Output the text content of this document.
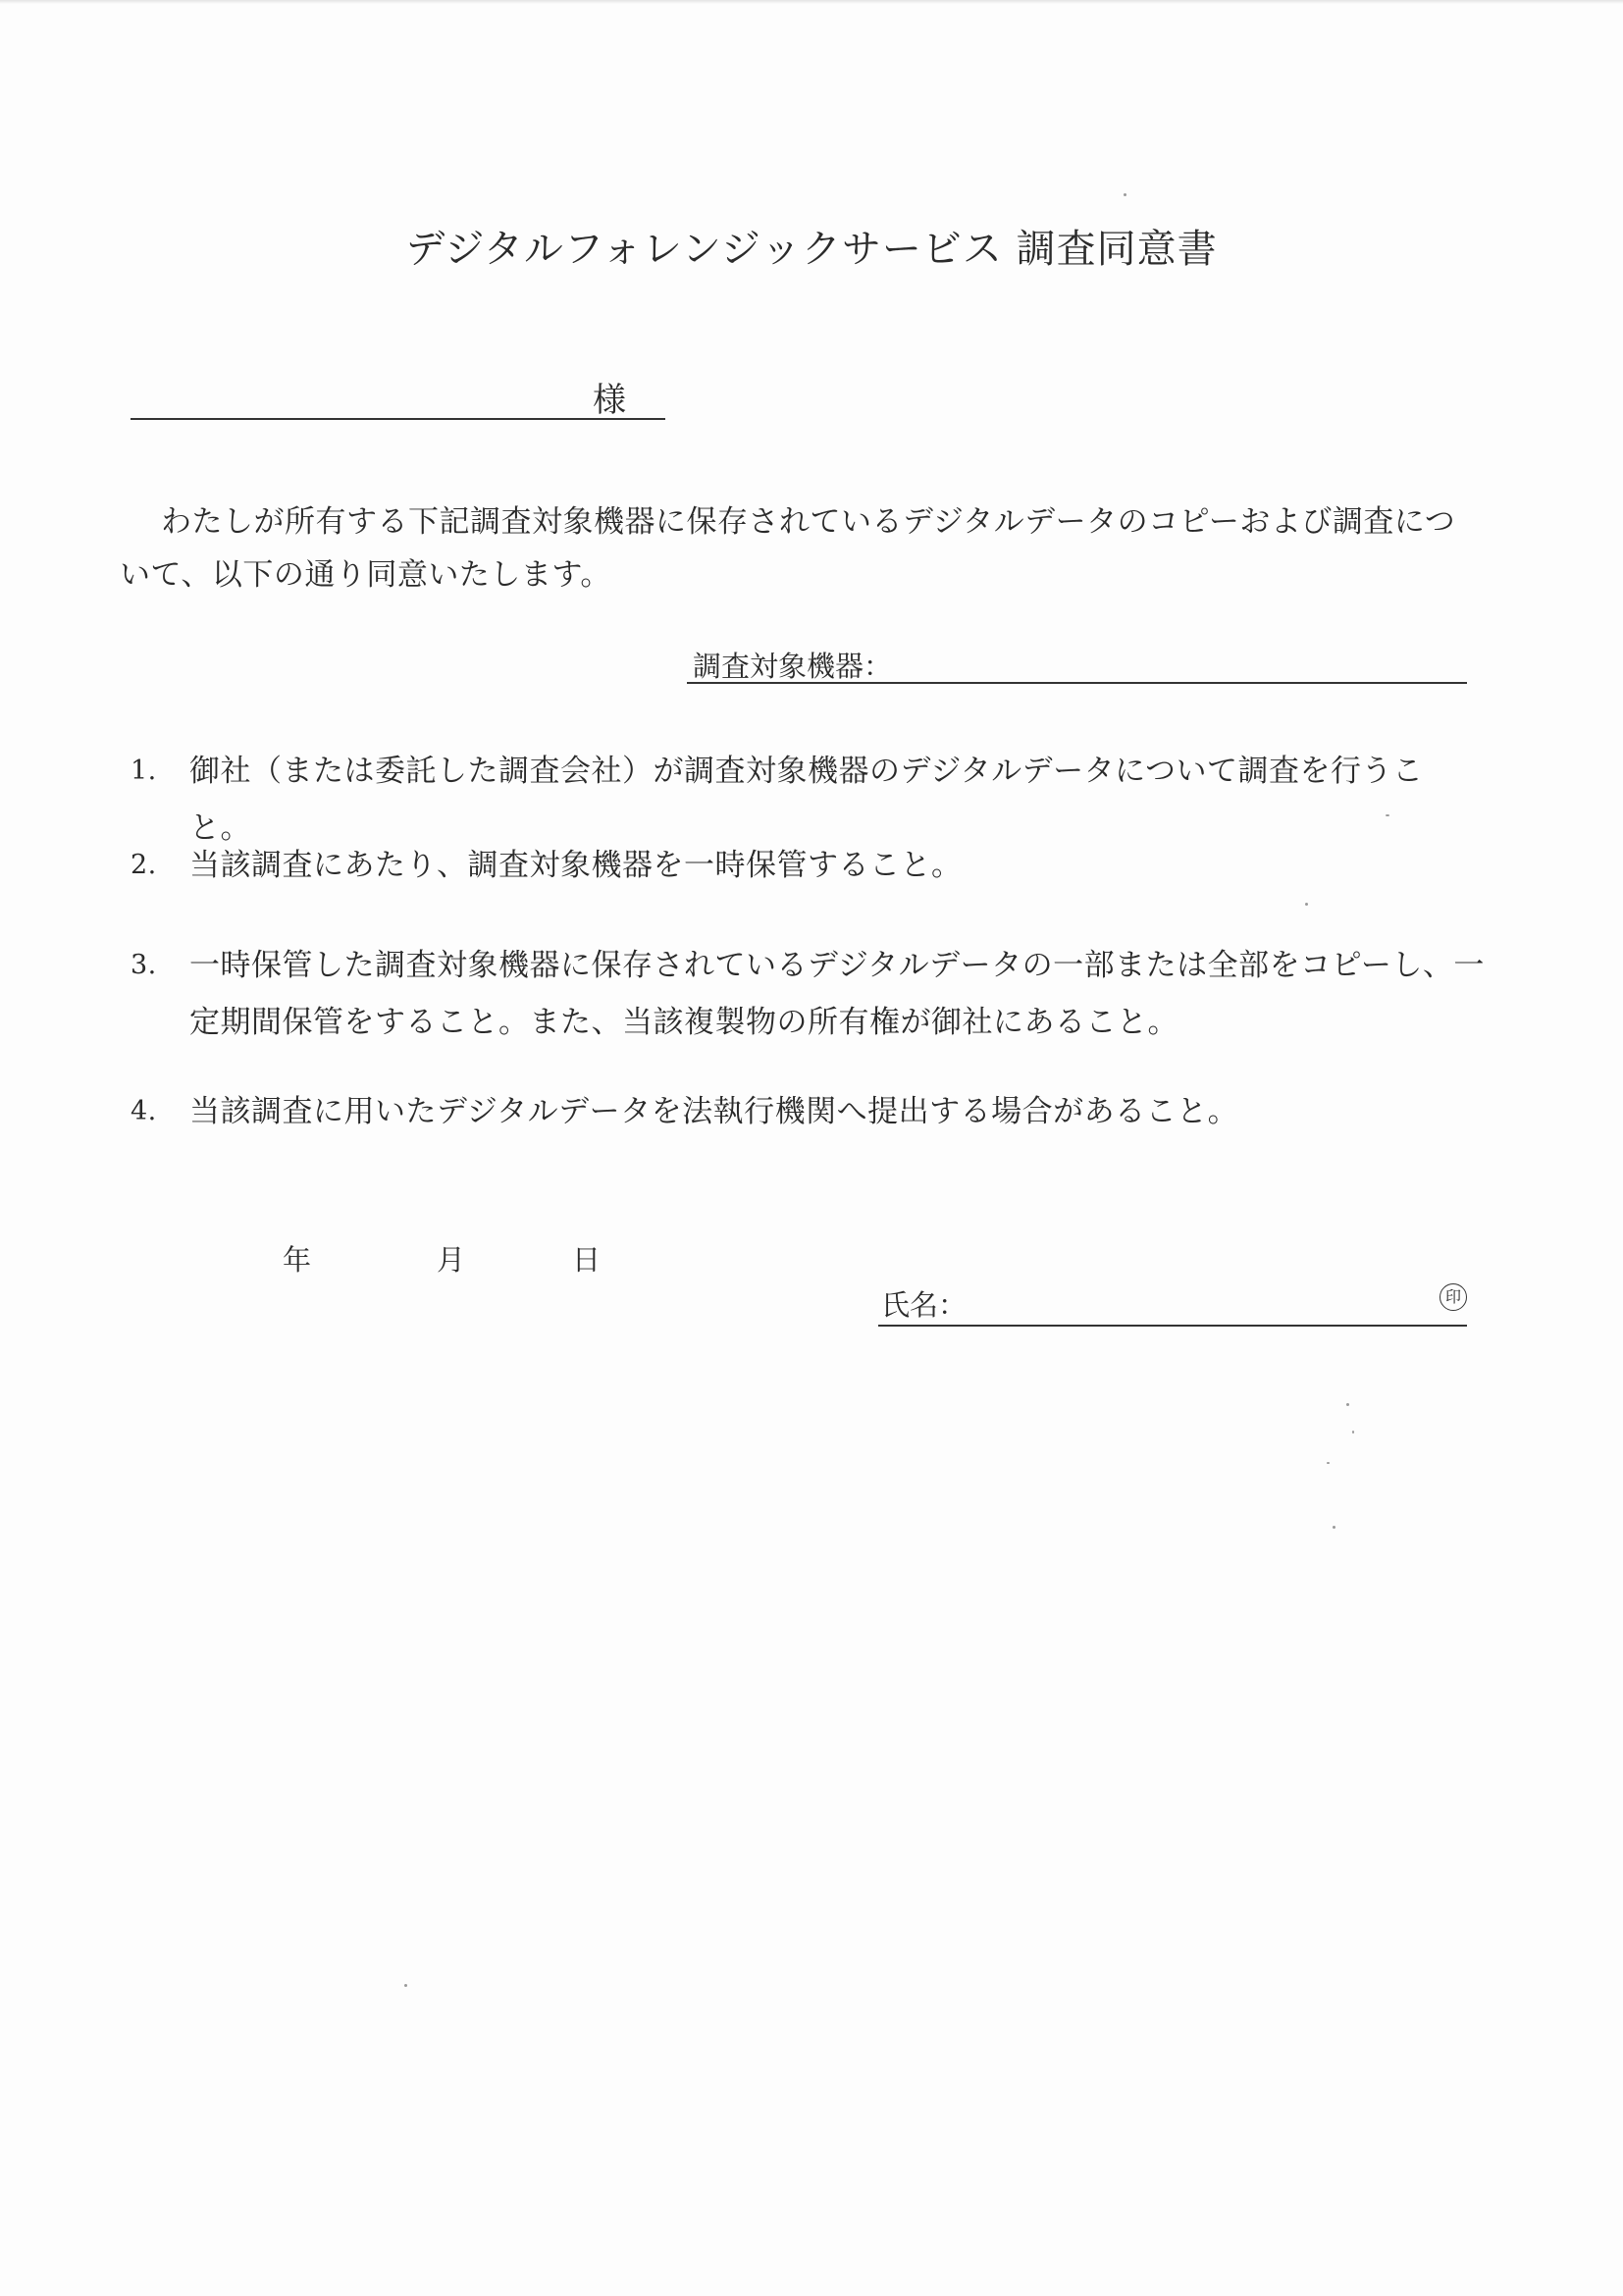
デジタルフォレンジックサービス 調査同意書
様
わたしが所有する下記調査対象機器に保存されているデジタルデータのコピーおよび調査について、以下の通り同意いたします。
調査対象機器：
1. 御社（または委託した調査会社）が調査対象機器のデジタルデータについて調査を行うこと。
2. 当該調査にあたり、調査対象機器を一時保管すること。
3. 一時保管した調査対象機器に保存されているデジタルデータの一部または全部をコピーし、一定期間保管をすること。また、当該複製物の所有権が御社にあること。
4. 当該調査に用いたデジタルデータを法執行機関へ提出する場合があること。
年	月	日
氏名：	印
